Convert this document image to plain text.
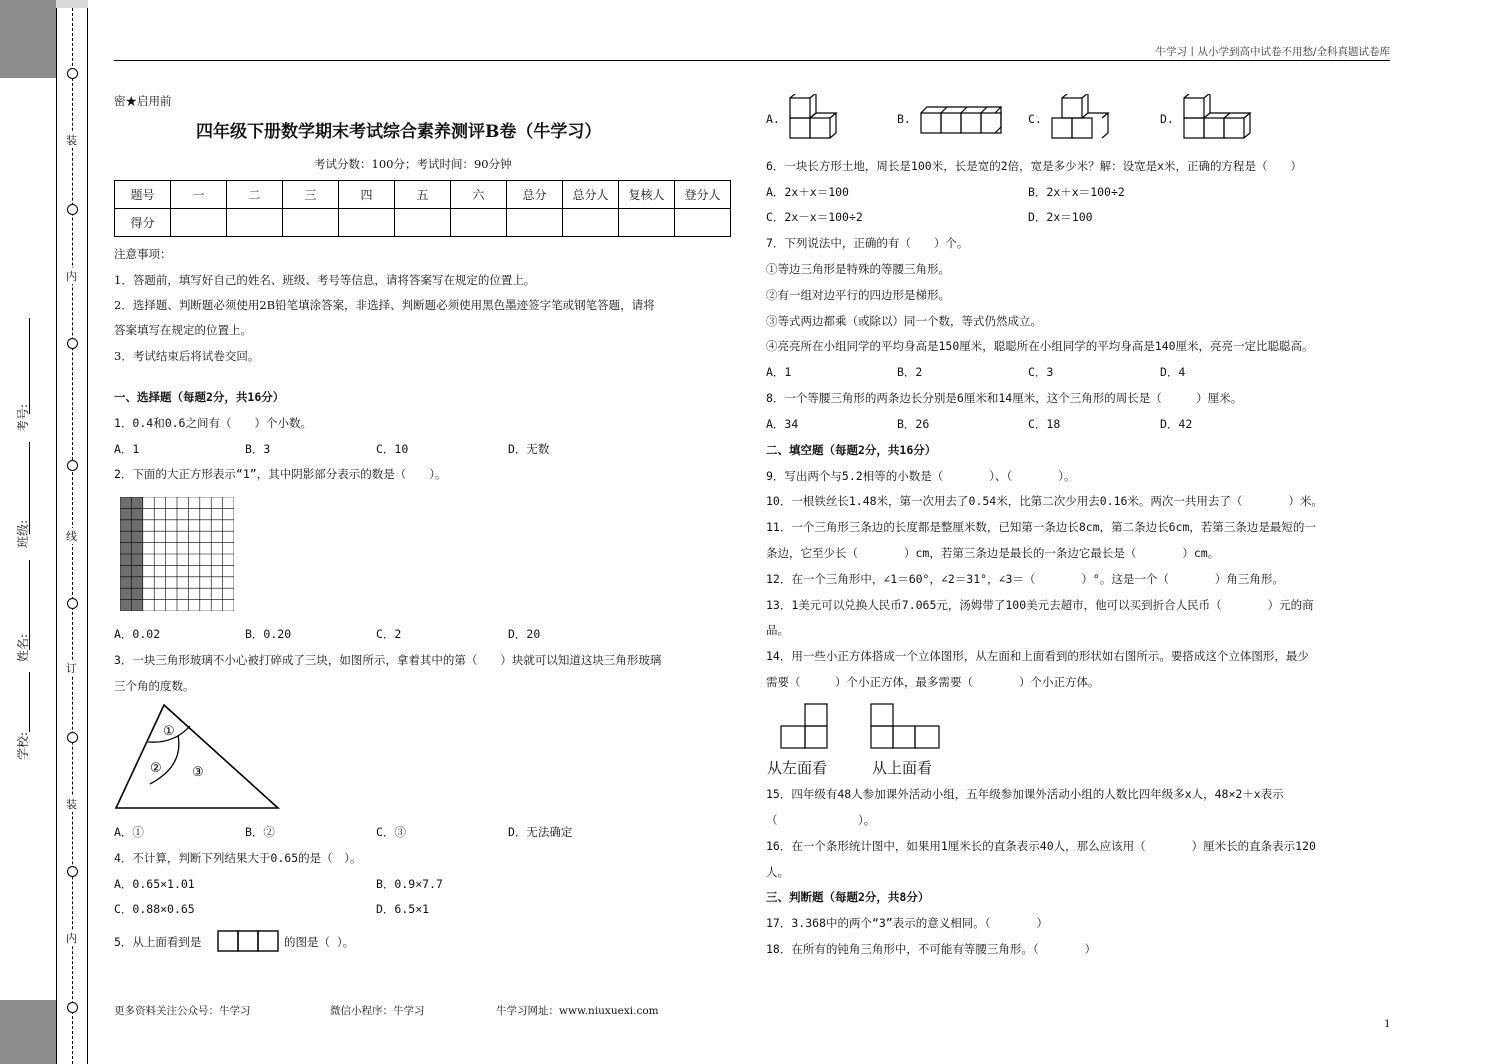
装
内
线
订
装
内
考号:
班级:
姓名:
学校:
牛学习丨从小学到高中试卷不用愁/全科真题试卷库
密★启用前
四年级下册数学期末考试综合素养测评B卷（牛学习）
考试分数：100分；考试时间：90分钟
题号	一	二	三	四	五	六	总分	总分人	复核人	登分人
得分										
注意事项：
1．答题前，填写好自己的姓名、班级、考号等信息，请将答案写在规定的位置上。
2．选择题、判断题必须使用2B铅笔填涂答案，非选择、判断题必须使用黑色墨迹签字笔或钢笔答题，请将
答案填写在规定的位置上。
3．考试结束后将试卷交回。
一、选择题（每题2分，共16分）
1．0.4和0.6之间有（　　）个小数。
A．1	B．3	C．10	D．无数
2．下面的大正方形表示“1”，其中阴影部分表示的数是（　　）。
A．0.02	B．0.20	C．2	D．20
3．一块三角形玻璃不小心被打碎成了三块，如图所示，拿着其中的第（　　）块就可以知道这块三角形玻璃
三个角的度数。
①
② ③
A．①	B．②	C．③	D．无法确定
4．不计算，判断下列结果大于0.65的是（　）。
A．0.65×1.01	B．0.9×7.7
C．0.88×0.65	D．6.5×1
5．从上面看到是	的图是（ ）。
A.	B.	C.	D.
6．一块长方形土地，周长是100米，长是宽的2倍，宽是多少米？解：设宽是x米，正确的方程是（　　）
A．2x＋x＝100	B．2x＋x＝100÷2
C．2x－x＝100÷2	D．2x＝100
7．下列说法中，正确的有（　　）个。
①等边三角形是特殊的等腰三角形。
②有一组对边平行的四边形是梯形。
③等式两边都乘（或除以）同一个数，等式仍然成立。
④亮亮所在小组同学的平均身高是150厘米，聪聪所在小组同学的平均身高是140厘米，亮亮一定比聪聪高。
A．1	B．2	C．3	D．4
8．一个等腰三角形的两条边长分别是6厘米和14厘米，这个三角形的周长是（　　　）厘米。
A．34	B．26	C．18	D．42
二、填空题（每题2分，共16分）
9．写出两个与5.2相等的小数是（　　　　）、（　　　　）。
10．一根铁丝长1.48米，第一次用去了0.54米，比第二次少用去0.16米。两次一共用去了（　　　　）米。
11．一个三角形三条边的长度都是整厘米数，已知第一条边长8cm，第二条边长6cm，若第三条边是最短的一
条边，它至少长（　　　　）cm，若第三条边是最长的一条边它最长是（　　　　）cm。
12．在一个三角形中，∠1＝60°，∠2＝31°，∠3＝（　　　　）°。这是一个（　　　　）角三角形。
13．1美元可以兑换人民币7.065元，汤姆带了100美元去超市，他可以买到折合人民币（　　　　）元的商
品。
14．用一些小正方体搭成一个立体图形，从左面和上面看到的形状如右图所示。要搭成这个立体图形，最少
需要（　　　）个小正方体，最多需要（　　　　）个小正方体。
从左面看	从上面看
15．四年级有48人参加课外活动小组，五年级参加课外活动小组的人数比四年级多x人，48×2＋x表示
（　　　　　　　）。
16．在一个条形统计图中，如果用1厘米长的直条表示40人，那么应该用（　　　　）厘米长的直条表示120
人。
三、判断题（每题2分，共8分）
17．3.368中的两个“3”表示的意义相同。（　　　　）
18．在所有的钝角三角形中，不可能有等腰三角形。（　　　　）
更多资料关注公众号：牛学习	微信小程序：牛学习	牛学习网址：www.niuxuexi.com
1
